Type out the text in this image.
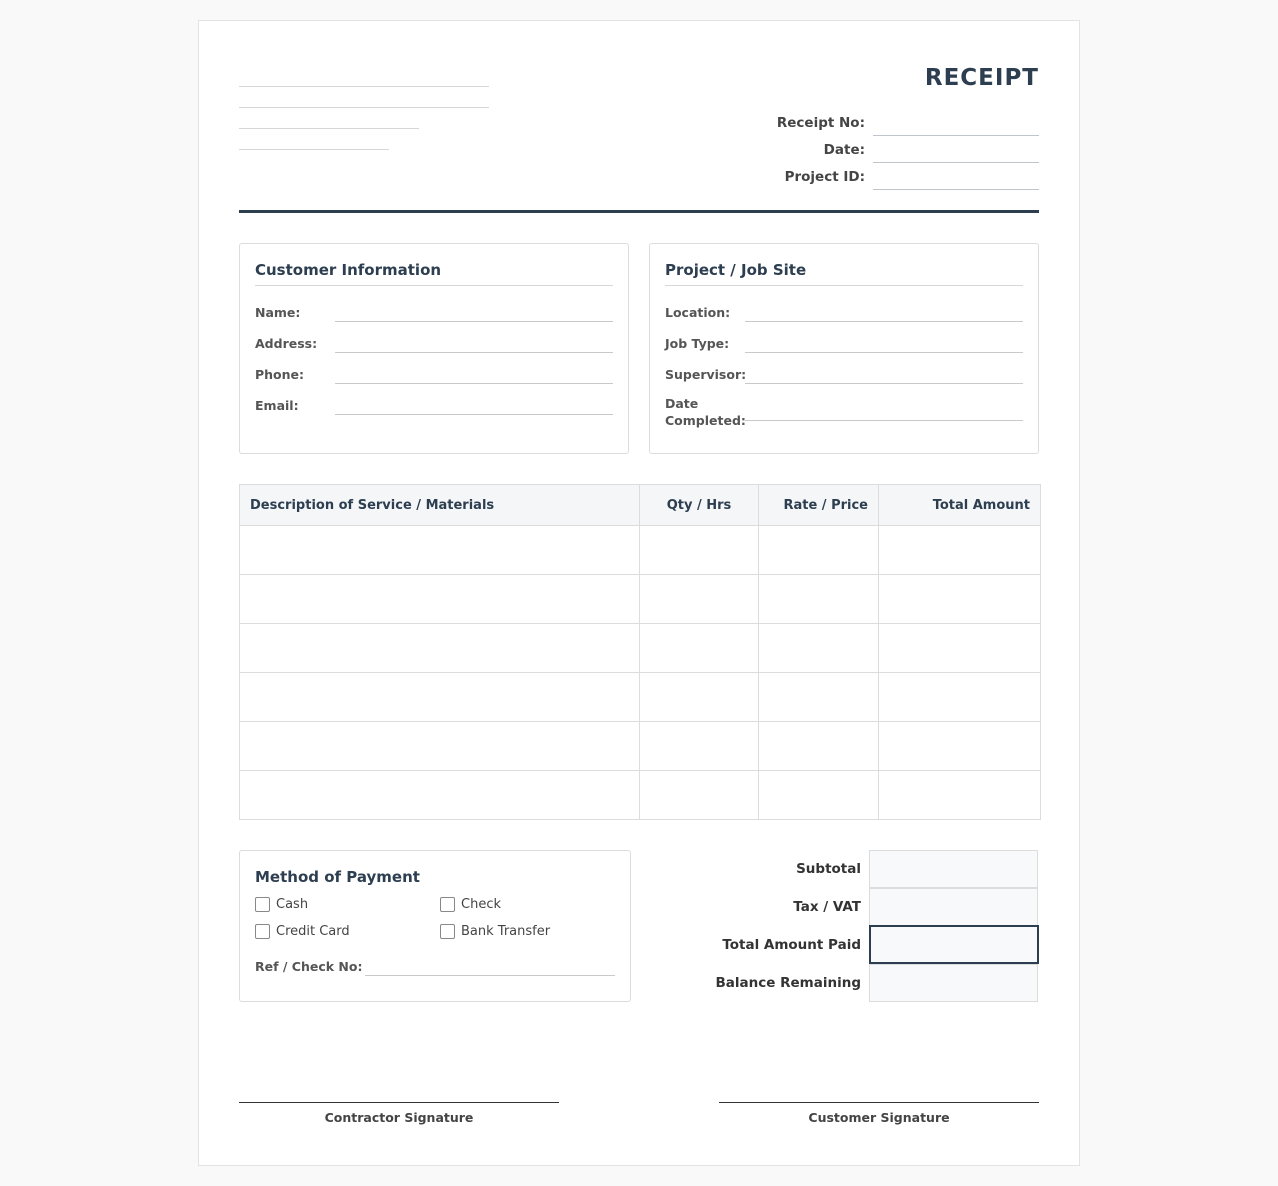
RECEIPT
Receipt No:
Date:
Project ID:
Customer Information
Name:
Address:
Phone:
Email:
Project / Job Site
Location:
Job Type:
Supervisor:
Date
Completed:
Description of Service / Materials	Qty / Hrs	Rate / Price	Total Amount

Method of Payment
Cash	Check
Credit Card	Bank Transfer
Ref / Check No:
Subtotal
Tax / VAT
Total Amount Paid
Balance Remaining
Contractor Signature	Customer Signature
